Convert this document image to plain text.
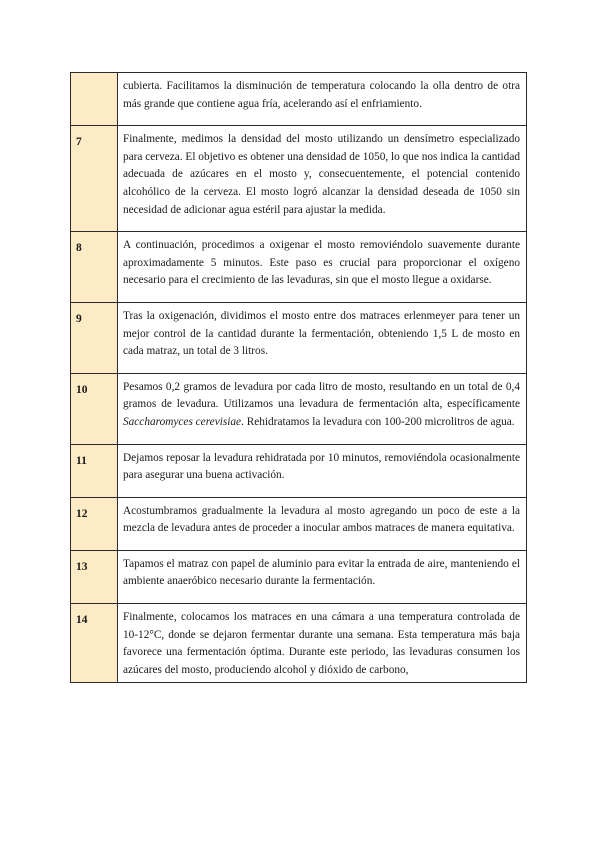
	cubierta. Facilitamos la disminución de temperatura colocando la olla dentro de otra más grande que contiene agua fría, acelerando así el enfriamiento.
7	Finalmente, medimos la densidad del mosto utilizando un densímetro especializado para cerveza. El objetivo es obtener una densidad de 1050, lo que nos indica la cantidad adecuada de azúcares en el mosto y, consecuentemente, el potencial contenido alcohólico de la cerveza. El mosto logró alcanzar la densidad deseada de 1050 sin necesidad de adicionar agua estéril para ajustar la medida.
8	A continuación, procedimos a oxigenar el mosto removiéndolo suavemente durante aproximadamente 5 minutos. Este paso es crucial para proporcionar el oxígeno necesario para el crecimiento de las levaduras, sin que el mosto llegue a oxidarse.
9	Tras la oxigenación, dividimos el mosto entre dos matraces erlenmeyer para tener un mejor control de la cantidad durante la fermentación, obteniendo 1,5 L de mosto en cada matraz, un total de 3 litros.
10	Pesamos 0,2 gramos de levadura por cada litro de mosto, resultando en un total de 0,4 gramos de levadura. Utilizamos una levadura de fermentación alta, específicamente Saccharomyces cerevisiae. Rehidratamos la levadura con 100-200 microlitros de agua.
11	Dejamos reposar la levadura rehidratada por 10 minutos, removiéndola ocasionalmente para asegurar una buena activación.
12	Acostumbramos gradualmente la levadura al mosto agregando un poco de este a la mezcla de levadura antes de proceder a inocular ambos matraces de manera equitativa.
13	Tapamos el matraz con papel de aluminio para evitar la entrada de aire, manteniendo el ambiente anaeróbico necesario durante la fermentación.
14	Finalmente, colocamos los matraces en una cámara a una temperatura controlada de 10-12°C, donde se dejaron fermentar durante una semana. Esta temperatura más baja favorece una fermentación óptima. Durante este periodo, las levaduras consumen los azúcares del mosto, produciendo alcohol y dióxido de carbono,
